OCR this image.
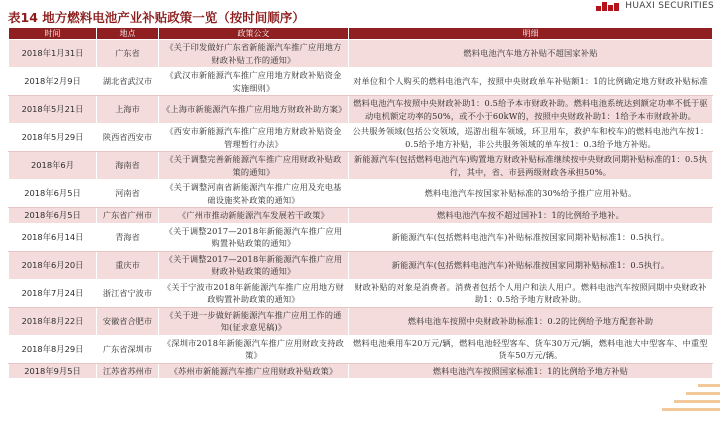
表14 地方燃料电池产业补贴政策一览（按时间顺序）
HUAXI SECURITIES
时间	地点	政策公文	明细
2018年1月31日	广东省	《关于印发做好广东省新能源汽车推广应用地方财政补贴工作的通知》	燃料电池汽车地方补贴不超国家补贴
2018年2月9日	湖北省武汉市	《武汉市新能源汽车推广应用地方财政补贴资金实施细则》	对单位和个人购买的燃料电池汽车，按照中央财政单车补贴额1：1的比例确定地方财政补贴标准
2018年5月21日	上海市	《上海市新能源汽车推广应用地方财政补助方案》	燃料电池汽车按照中央财政补助1：0.5给予本市财政补助。燃料电池系统达到额定功率不低于驱动电机额定功率的50%，或不小于60kW的，按照中央财政补助1：1给予本市财政补助。
2018年5月29日	陕西省西安市	《西安市新能源汽车推广应用地方财政补贴资金管理暂行办法》	公共服务领域(包括公交领域，巡游出租车领域，环卫用车，救护车和校车)的燃料电池汽车按1：0.5给予地方补贴，非公共服务领域的单车按1：0.3给予地方补贴。
2018年6月	海南省	《关于调整完善新能源汽车推广应用财政补贴政策的通知》	新能源汽车(包括燃料电池汽车)购置地方财政补贴标准继续按中央财政同期补贴标准的1：0.5执行，其中，省、市县两级财政各承担50%。
2018年6月5日	河南省	《关于调整河南省新能源汽车推广应用及充电基础设施奖补政策的通知》	燃料电池汽车按国家补贴标准的30%给予推广应用补贴。
2018年6月5日	广东省广州市	《广州市推动新能源汽车发展若干政策》	燃料电池汽车按不超过国补1：1的比例给予地补。
2018年6月14日	青海省	《关于调整2017—2018年新能源汽车推广应用购置补贴政策的通知》	新能源汽车(包括燃料电池汽车)补贴标准按国家同期补贴标准1：0.5执行。
2018年6月20日	重庆市	《关于调整2017—2018年新能源汽车推广应用财政补贴政策的通知》	新能源汽车(包括燃料电池汽车)补贴标准按国家同期补贴标准1：0.5执行。
2018年7月24日	浙江省宁波市	《关于宁波市2018年新能源汽车推广应用地方财政购置补助政策的通知》	财政补贴的对象是消费者。消费者包括个人用户和法人用户。燃料电池汽车按照同期中央财政补助1：0.5给予地方财政补助。
2018年8月22日	安徽省合肥市	《关于进一步做好新能源汽车推广应用工作的通知(征求意见稿)》	燃料电池车按照中央财政补助标准1：0.2的比例给予地方配套补助
2018年8月29日	广东省深圳市	《深圳市2018年新能源汽车推广应用财政支持政策》	燃料电池乘用车20万元/辆，燃料电池轻型客车、货车30万元/辆，燃料电池大中型客车、中重型货车50万元/辆。
2018年9月5日	江苏省苏州市	《苏州市新能源汽车推广应用财政补贴政策》	燃料电池汽车按照国家标准1：1的比例给予地方补贴
